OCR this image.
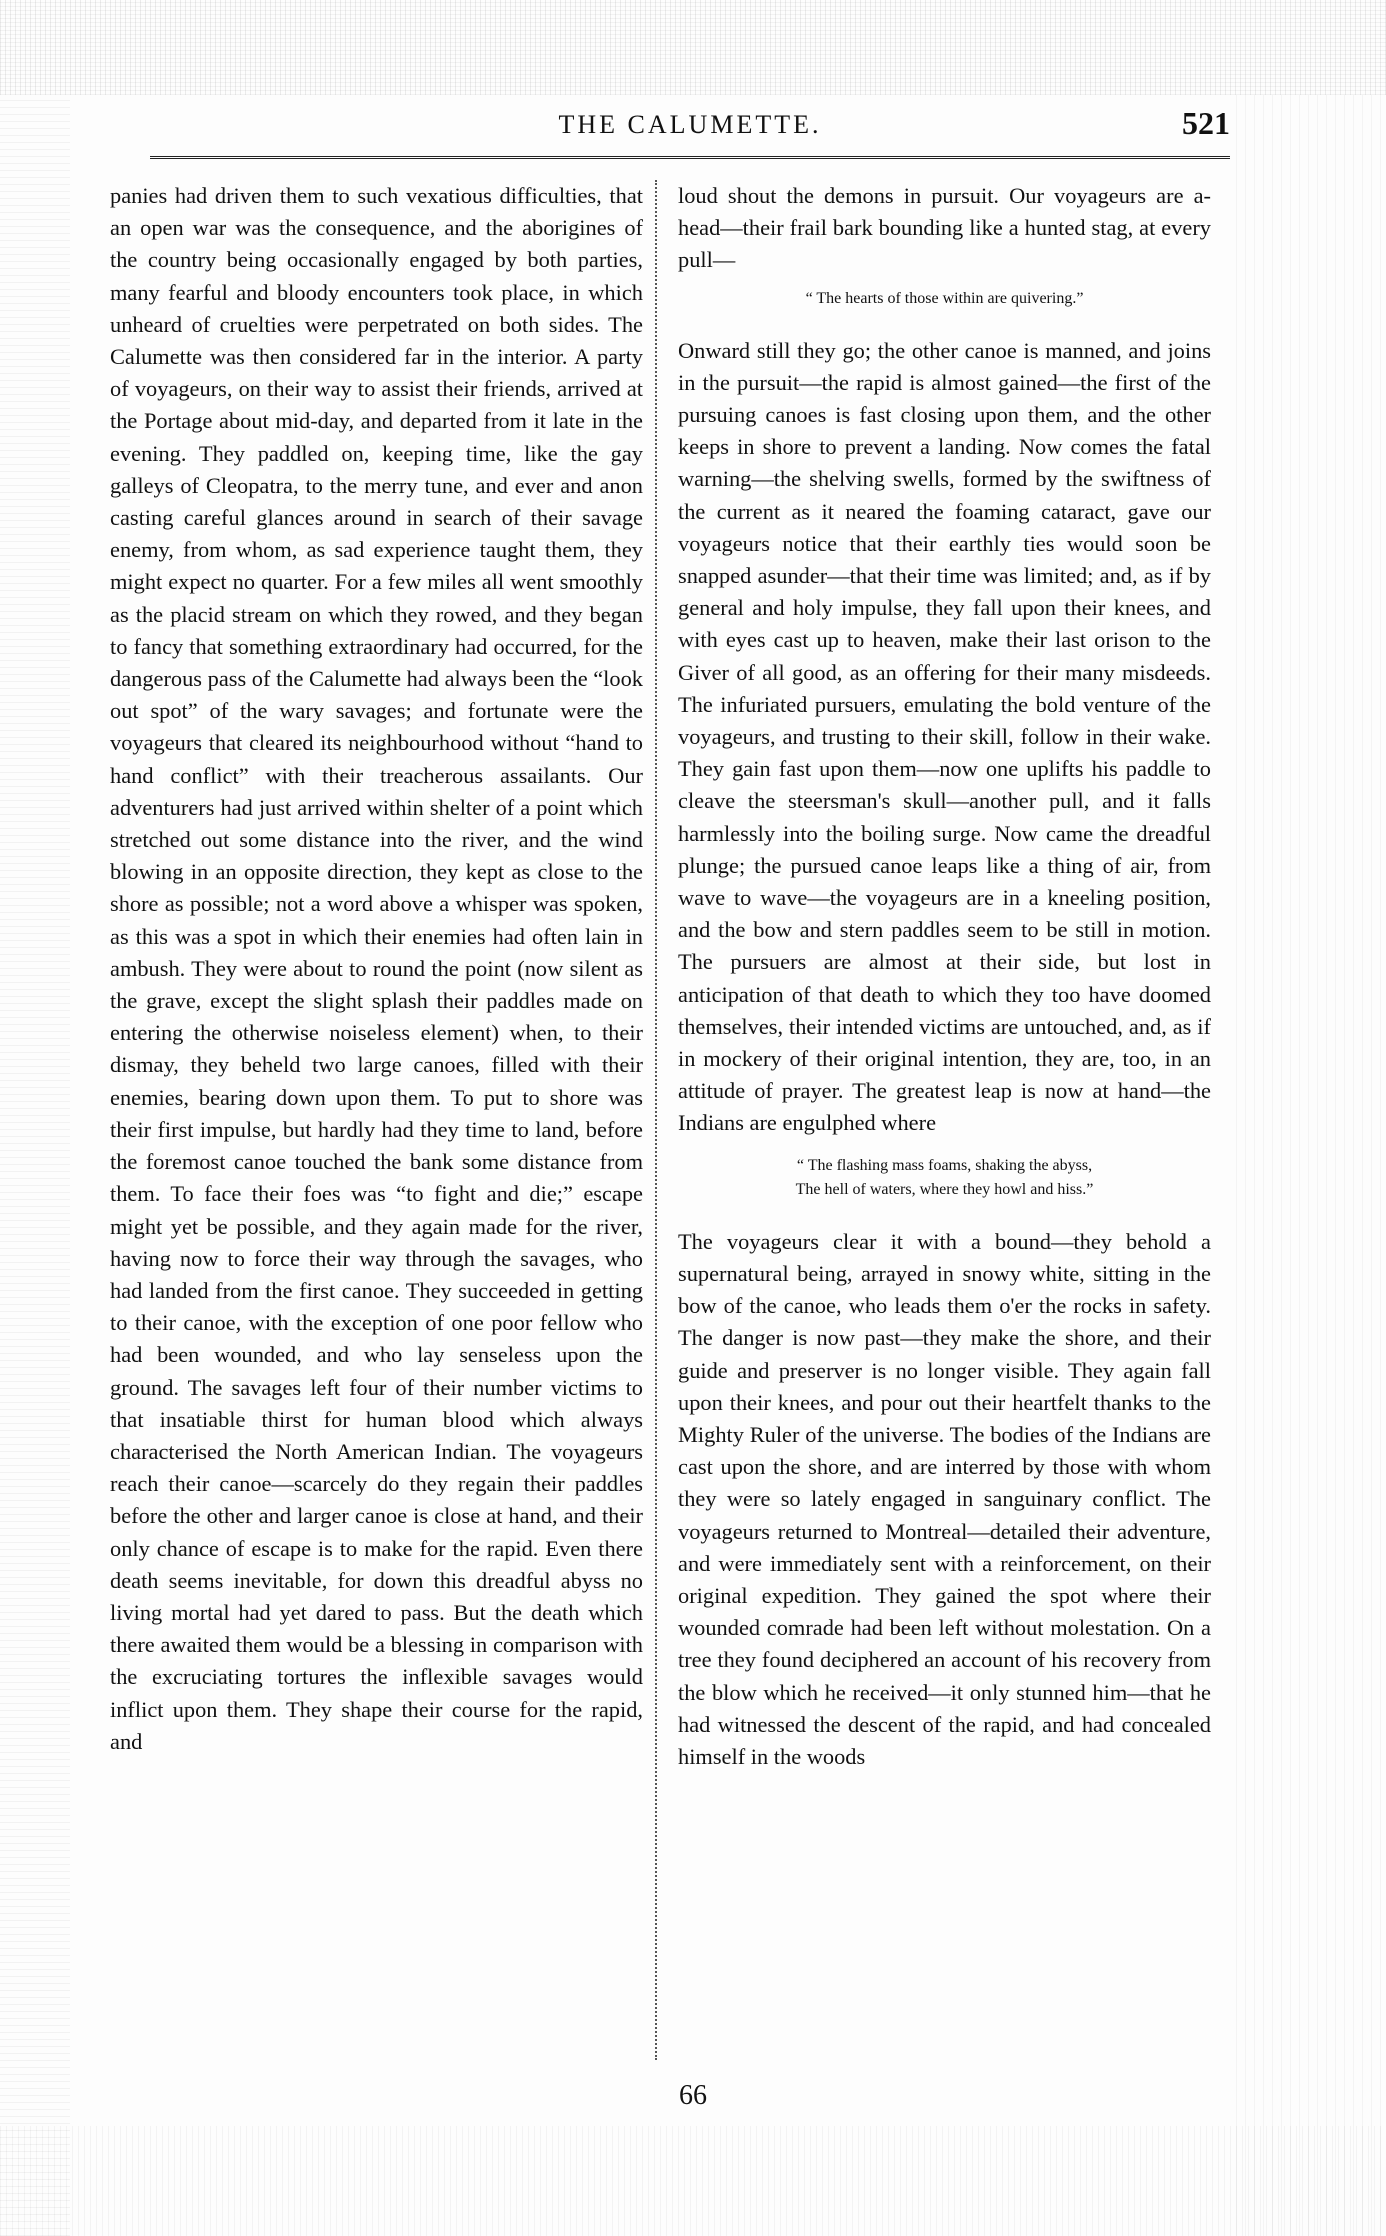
THE CALUMETTE.	521

panies had driven them to such vexatious difficulties, that an open war was the consequence, and the aborigines of the country being occasionally engaged by both parties, many fearful and bloody encounters took place, in which unheard of cruelties were perpetrated on both sides. The Calumette was then considered far in the interior. A party of voyageurs, on their way to assist their friends, arrived at the Portage about mid-day, and departed from it late in the evening. They paddled on, keeping time, like the gay galleys of Cleopatra, to the merry tune, and ever and anon casting careful glances around in search of their savage enemy, from whom, as sad experience taught them, they might expect no quarter. For a few miles all went smoothly as the placid stream on which they rowed, and they began to fancy that something extraordinary had occurred, for the dangerous pass of the Calumette had always been the “look out spot” of the wary savages; and fortunate were the voyageurs that cleared its neighbourhood without “hand to hand conflict” with their treacherous assailants. Our adventurers had just arrived within shelter of a point which stretched out some distance into the river, and the wind blowing in an opposite direction, they kept as close to the shore as possible; not a word above a whisper was spoken, as this was a spot in which their enemies had often lain in ambush. They were about to round the point (now silent as the grave, except the slight splash their paddles made on entering the otherwise noiseless element) when, to their dismay, they beheld two large canoes, filled with their enemies, bearing down upon them. To put to shore was their first impulse, but hardly had they time to land, before the foremost canoe touched the bank some distance from them. To face their foes was “to fight and die;” escape might yet be possible, and they again made for the river, having now to force their way through the savages, who had landed from the first canoe. They succeeded in getting to their canoe, with the exception of one poor fellow who had been wounded, and who lay senseless upon the ground. The savages left four of their number victims to that insatiable thirst for human blood which always characterised the North American Indian. The voyageurs reach their canoe—scarcely do they regain their paddles before the other and larger canoe is close at hand, and their only chance of escape is to make for the rapid. Even there death seems inevitable, for down this dreadful abyss no living mortal had yet dared to pass. But the death which there awaited them would be a blessing in comparison with the excruciating tortures the inflexible savages would inflict upon them. They shape their course for the rapid, and

loud shout the demons in pursuit. Our voyageurs are a-head—their frail bark bounding like a hunted stag, at every pull—

“ The hearts of those within are quivering.”

Onward still they go; the other canoe is manned, and joins in the pursuit—the rapid is almost gained—the first of the pursuing canoes is fast closing upon them, and the other keeps in shore to prevent a landing. Now comes the fatal warning—the shelving swells, formed by the swiftness of the current as it neared the foaming cataract, gave our voyageurs notice that their earthly ties would soon be snapped asunder—that their time was limited; and, as if by general and holy impulse, they fall upon their knees, and with eyes cast up to heaven, make their last orison to the Giver of all good, as an offering for their many misdeeds. The infuriated pursuers, emulating the bold venture of the voyageurs, and trusting to their skill, follow in their wake. They gain fast upon them—now one uplifts his paddle to cleave the steersman's skull—another pull, and it falls harmlessly into the boiling surge. Now came the dreadful plunge; the pursued canoe leaps like a thing of air, from wave to wave—the voyageurs are in a kneeling position, and the bow and stern paddles seem to be still in motion. The pursuers are almost at their side, but lost in anticipation of that death to which they too have doomed themselves, their intended victims are untouched, and, as if in mockery of their original intention, they are, too, in an attitude of prayer. The greatest leap is now at hand—the Indians are engulphed where

“ The flashing mass foams, shaking the abyss,
The hell of waters, where they howl and hiss.”

The voyageurs clear it with a bound—they behold a supernatural being, arrayed in snowy white, sitting in the bow of the canoe, who leads them o'er the rocks in safety. The danger is now past—they make the shore, and their guide and preserver is no longer visible. They again fall upon their knees, and pour out their heartfelt thanks to the Mighty Ruler of the universe. The bodies of the Indians are cast upon the shore, and are interred by those with whom they were so lately engaged in sanguinary conflict. The voyageurs returned to Montreal—detailed their adventure, and were immediately sent with a reinforcement, on their original expedition. They gained the spot where their wounded comrade had been left without molestation. On a tree they found deciphered an account of his recovery from the blow which he received—it only stunned him—that he had witnessed the descent of the rapid, and had concealed himself in the woods

66
